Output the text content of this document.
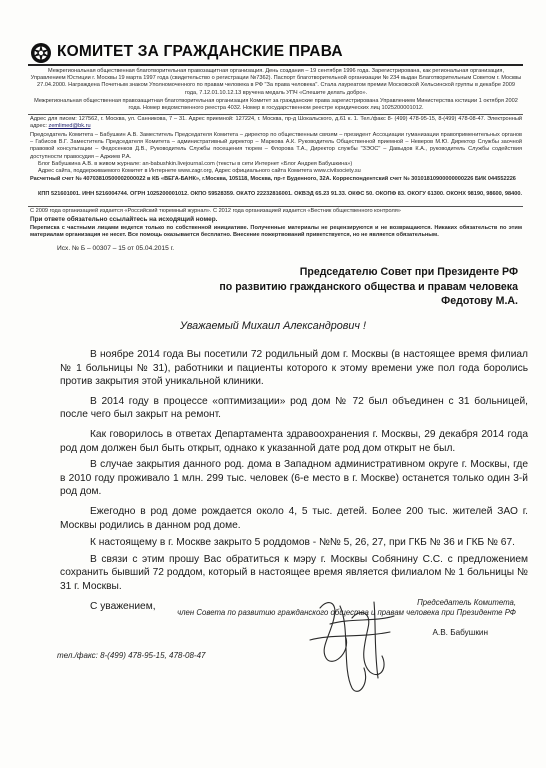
КОМИТЕТ ЗА ГРАЖДАНСКИЕ ПРАВА
Межрегиональная общественная благотворительная правозащитная организация. День создания – 19 сентября 1996 года. Зарегистрирована, как региональная организация, Управлением Юстиции г. Москвы 19 марта 1997 года (свидетельство о регистрации №7362). Паспорт благотворительной организации № 234 выдан Благотворительным Советом г. Москвы 27.04.2000. Награждена Почетным знаком Уполномоченного по правам человека в РФ "За права человека". Стала лауреатом премии Московской Хельсинской группы в декабре 2009 года, 7.12.01.10.12.13 вручена медаль УПЧ «Спешите делать добро».
Межрегиональная общественная правозащитная благотворительная организация Комитет за гражданские права зарегистрирована Управлением Министерства юстиции 1 октября 2002 года. Номер ведомственного реестра 4032. Номер в государственном реестре юридических лиц 1025200001012.
Адрес для писем: 127562, г. Москва, ул. Санникова, 7 – 31. Адрес приемной: 127224, г. Москва, пр-д Шокальского, д.61 к. 1. Тел./факс 8- (499) 478-95-15, 8-(499) 478-08-47. Электронный адрес: zemlimed@bk.ru
Председатель Комитета – Бабушкин А.В. Заместитель Председателя Комитета – директор по общественным связям – президент Ассоциации гуманизации правоприменительных органов – Габисов В.Г. Заместитель Председателя Комитета – административный директор – Маркова А.К. Руководитель Общественной приемной – Неверов М.Ю. Директор Службы заочной правовой консультации – Федосенков Д.В., Руководитель Службы посещения тюрем – Флорова Т.А., Директор службы "ЗЭОС" – Давыдов К.А., руководитель Службы содействия доступности правосудия – Аджиев Р.А.
Блог Бабушкина А.В. в живом журнале: an-babushkin.livejournal.com (тексты в сети Интернет «Блог Андрея Бабушкина»)
Адрес сайта, поддерживаемого Комитет в Интернете www.zagr.org, Адрес официального сайта Комитета www.civilsociety.su
Расчетный счет № 40703810500002000022 в КБ «ВЕГА-БАНК», г.Москва, 105118, Москва, пр-т Буденного, 32А. Корреспондентский счет № 30101810900000000226 БИК 044552226
КПП 521601001. ИНН 5216004744. ОГРН 1025200001012. ОКПО 59528359. ОКАТО 22232816001. ОКВЭД 65.23 91.33. ОКФС 50. ОКОПФ 83. ОКОГУ 61300. ОКОНХ 98190, 98600, 98400.
С 2009 года организацией издается «Российский тюремный журнал». С 2012 года организацией издается «Вестник общественного контроля»
При ответе обязательно ссылайтесь на исходящий номер.
Переписка с частными лицами ведется только по собственной инициативе. Полученные материалы не рецензируются и не возвращаются. Никаких обязательств по этим материалам организация не несет. Все помощь оказывается бесплатно. Внесение пожертвований приветствуется, но не является обязательным.
Исх. № Б – 00307 – 15 от 05.04.2015 г.
Председателю Совет при Президенте РФ
по развитию гражданского общества и правам человека
Федотову М.А.
Уважаемый Михаил Александрович !

В ноябре 2014 года Вы посетили 72 родильный дом г. Москвы (в настоящее время филиал № 1 больницы № 31), работники и пациенты которого к этому времени уже пол года боролись против закрытия этой уникальной клиники.

В 2014 году в процессе «оптимизации» род дом № 72 был объединен с 31 больницей, после чего был закрыт на ремонт.

Как говорилось в ответах Департамента здравоохранения г. Москвы, 29 декабря 2014 года род дом должен был быть открыт, однако к указанной дате род дом открыт не был.

В случае закрытия данного род. дома в Западном административном округе г. Москвы, где в 2010 году проживало 1 млн. 299 тыс. человек (6-е место в г. Москве) останется только один 3-й род дом.

Ежегодно в род доме рождается около 4, 5 тыс. детей. Более 200 тыс. жителей ЗАО г. Москвы родились в данном род доме.

К настоящему в г. Москве закрыто 5 роддомов - №№ 5, 26, 27, при ГКБ № 36 и ГКБ № 67.

В связи с этим прошу Вас обратиться к мэру г. Москвы Собянину С.С. с предложением сохранить бывший 72 роддом, который в настоящее время является филиалом № 1 больницы № 31 г. Москвы.

С уважением,	Председатель Комитета,
член Совета по развитию гражданского общества и правам человека при Президенте РФ
А.В. Бабушкин
тел./факс: 8-(499) 478-95-15, 478-08-47
